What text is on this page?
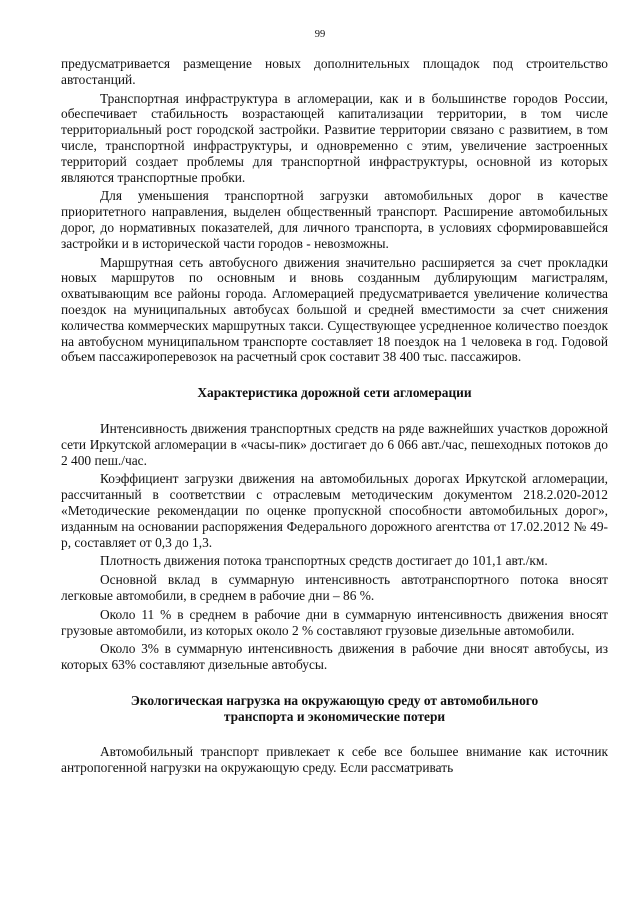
99

предусматривается размещение новых дополнительных площадок под строительство автостанций.

Транспортная инфраструктура в агломерации, как и в большинстве городов России, обеспечивает стабильность возрастающей капитализации территории, в том числе территориальный рост городской застройки. Развитие территории связано с развитием, в том числе, транспортной инфраструктуры, и одновременно с этим, увеличение застроенных территорий создает проблемы для транспортной инфраструктуры, основной из которых являются транспортные пробки.

Для уменьшения транспортной загрузки автомобильных дорог в качестве приоритетного направления, выделен общественный транспорт. Расширение автомобильных дорог, до нормативных показателей, для личного транспорта, в условиях сформировавшейся застройки и в исторической части городов - невозможны.

Маршрутная сеть автобусного движения значительно расширяется за счет прокладки новых маршрутов по основным и вновь созданным дублирующим магистралям, охватывающим все районы города. Агломерацией предусматривается увеличение количества поездок на муниципальных автобусах большой и средней вместимости за счет снижения количества коммерческих маршрутных такси. Существующее усредненное количество поездок на автобусном муниципальном транспорте составляет 18 поездок на 1 человека в год. Годовой объем пассажироперевозок на расчетный срок составит 38 400 тыс. пассажиров.

Характеристика дорожной сети агломерации

Интенсивность движения транспортных средств на ряде важнейших участков дорожной сети Иркутской агломерации в «часы-пик» достигает до 6 066 авт./час, пешеходных потоков до 2 400 пеш./час.

Коэффициент загрузки движения на автомобильных дорогах Иркутской агломерации, рассчитанный в соответствии с отраслевым методическим документом 218.2.020-2012 «Методические рекомендации по оценке пропускной способности автомобильных дорог», изданным на основании распоряжения Федерального дорожного агентства от 17.02.2012 № 49-р, составляет от 0,3 до 1,3.

Плотность движения потока транспортных средств достигает до 101,1 авт./км.

Основной вклад в суммарную интенсивность автотранспортного потока вносят легковые автомобили, в среднем в рабочие дни – 86 %.

Около 11 % в среднем в рабочие дни в суммарную интенсивность движения вносят грузовые автомобили, из которых около 2 % составляют грузовые дизельные автомобили.

Около 3% в суммарную интенсивность движения в рабочие дни вносят автобусы, из которых 63% составляют дизельные автобусы.

Экологическая нагрузка на окружающую среду от автомобильного

транспорта и экономические потери

Автомобильный транспорт привлекает к себе все большее внимание как источник антропогенной нагрузки на окружающую среду. Если рассматривать
